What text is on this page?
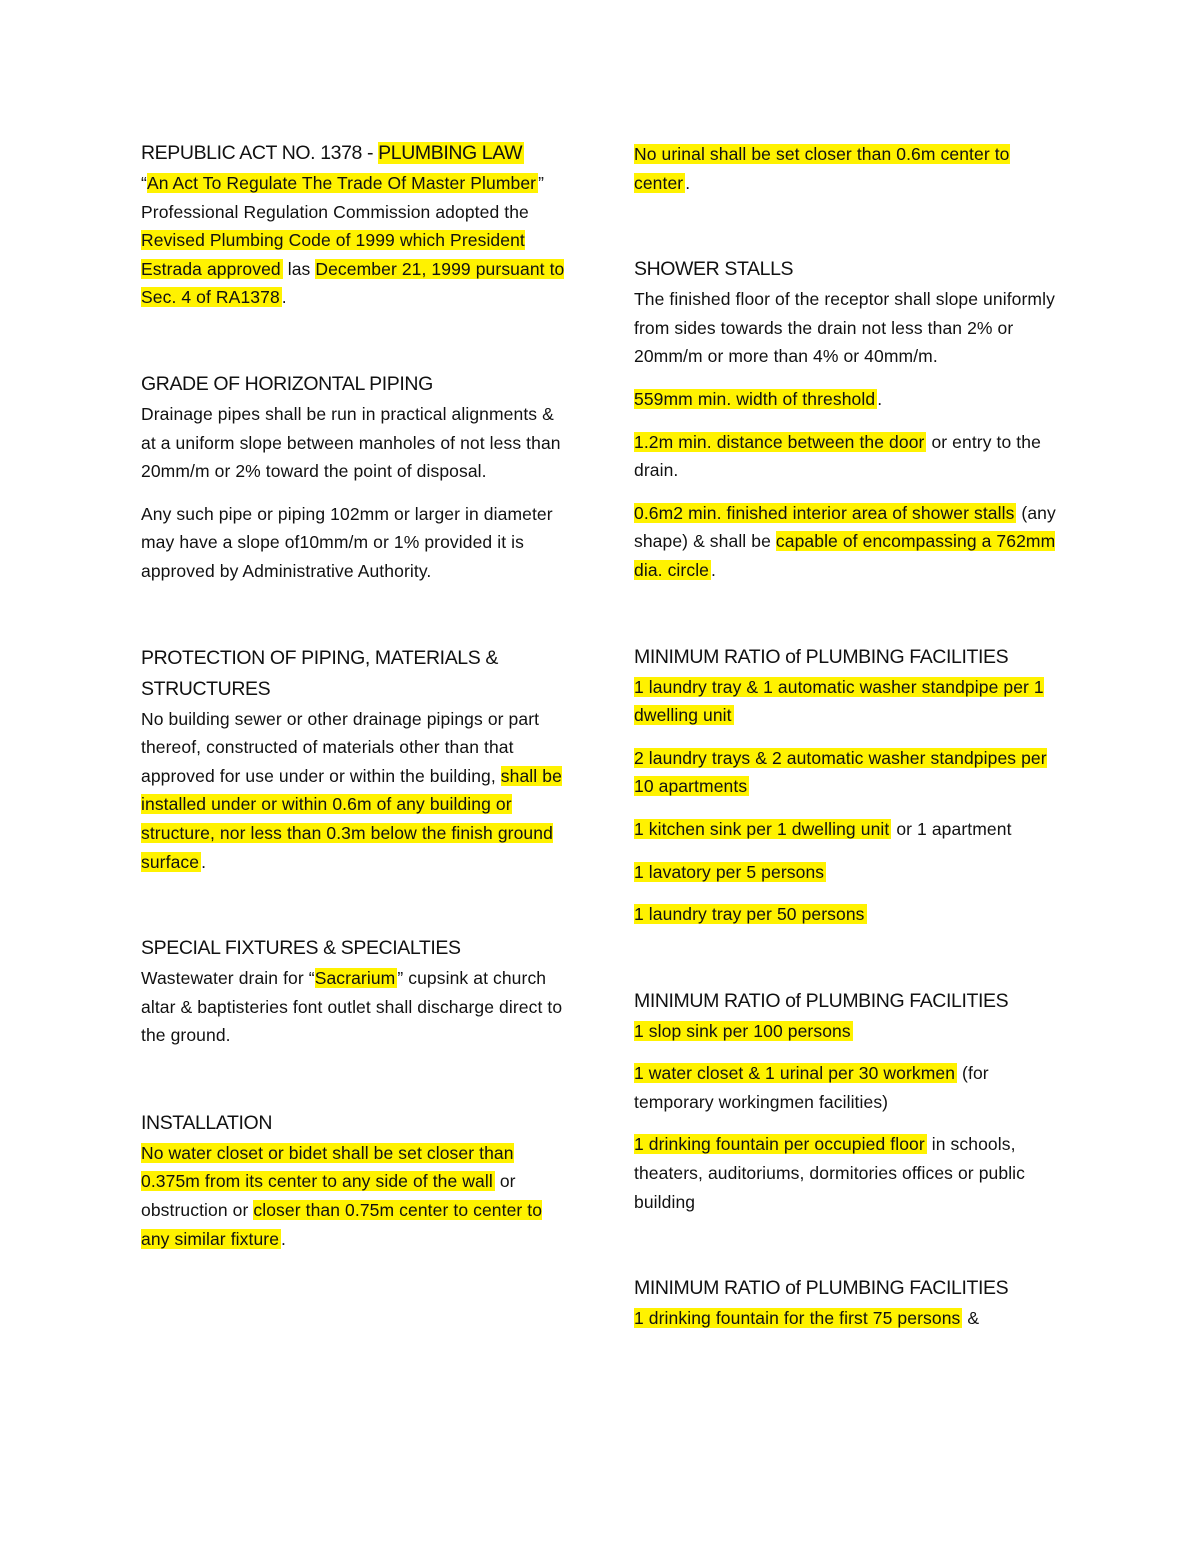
REPUBLIC ACT NO. 1378 - PLUMBING LAW

“An Act To Regulate The Trade Of Master Plumber ”

Professional Regulation Commission adopted the Revised Plumbing Code of 1999 which President Estrada approved las December 21, 1999 pursuant to Sec. 4 of RA1378 .

GRADE OF HORIZONTAL PIPING

Drainage pipes shall be run in practical alignments & at a uniform slope between manholes of not less than 20mm/m or 2% toward the point of disposal.

Any such pipe or piping 102mm or larger in diameter may have a slope of10mm/m or 1% provided it is approved by Administrative Authority.

PROTECTION OF PIPING, MATERIALS & STRUCTURES

No building sewer or other drainage pipings or part thereof, constructed of materials other than that approved for use under or within the building, shall be installed under or within 0.6m of any building or structure, nor less than 0.3m below the finish ground surface .

SPECIAL FIXTURES & SPECIALTIES

Wastewater drain for “Sacrarium ” cupsink at church altar & baptisteries font outlet shall discharge direct to the ground.

INSTALLATION

No water closet or bidet shall be set closer than 0.375m from its center to any side of the wall or obstruction or closer than 0.75m center to center to any similar fixture .

No urinal shall be set closer than 0.6m center to center .

SHOWER STALLS

The finished floor of the receptor shall slope uniformly from sides towards the drain not less than 2% or 20mm/m or more than 4% or 40mm/m.

559mm min. width of threshold .

1.2m min. distance between the door or entry to the drain.

0.6m2 min. finished interior area of shower stalls (any shape) & shall be capable of encompassing a 762mm dia. circle .

MINIMUM RATIO of PLUMBING FACILITIES

1 laundry tray & 1 automatic washer standpipe per 1 dwelling unit

2 laundry trays & 2 automatic washer standpipes per 10 apartments

1 kitchen sink per 1 dwelling unit or 1 apartment

1 lavatory per 5 persons

1 laundry tray per 50 persons

MINIMUM RATIO of PLUMBING FACILITIES

1 slop sink per 100 persons

1 water closet & 1 urinal per 30 workmen (for temporary workingmen facilities)

1 drinking fountain per occupied floor in schools, theaters, auditoriums, dormitories offices or public building

MINIMUM RATIO of PLUMBING FACILITIES

1 drinking fountain for the first 75 persons &
